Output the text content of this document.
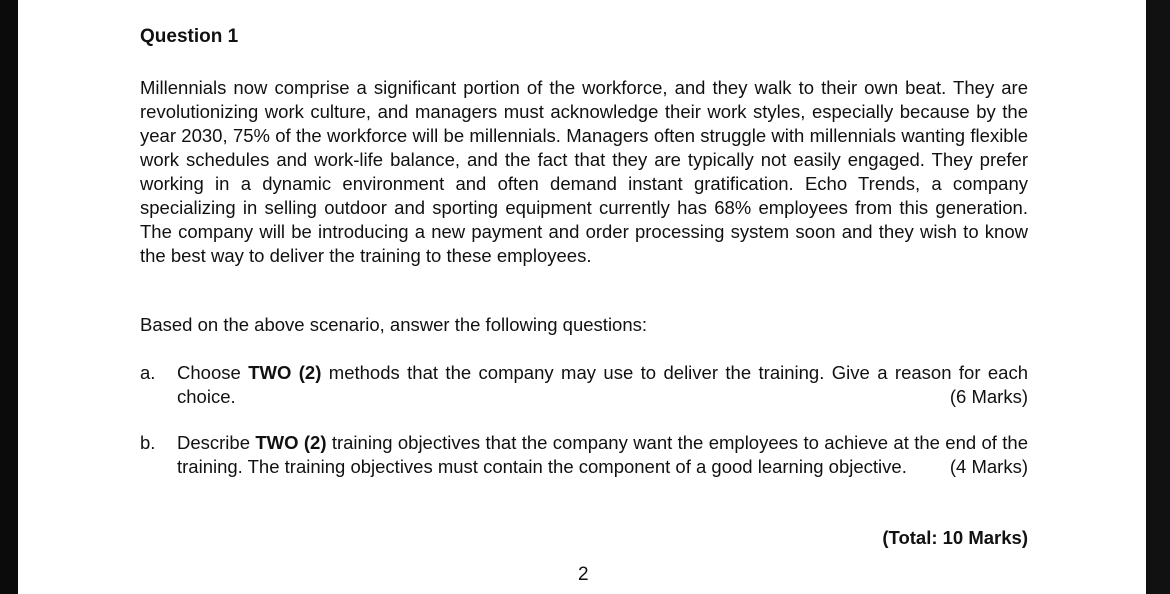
Question 1

Millennials now comprise a significant portion of the workforce, and they walk to their own beat. They are revolutionizing work culture, and managers must acknowledge their work styles, especially because by the year 2030, 75% of the workforce will be millennials. Managers often struggle with millennials wanting flexible work schedules and work-life balance, and the fact that they are typically not easily engaged. They prefer working in a dynamic environment and often demand instant gratification. Echo Trends, a company specializing in selling outdoor and sporting equipment currently has 68% employees from this generation. The company will be introducing a new payment and order processing system soon and they wish to know the best way to deliver the training to these employees.

Based on the above scenario, answer the following questions:

a. Choose TWO (2) methods that the company may use to deliver the training. Give a reason for each choice.	(6 Marks)
b. Describe TWO (2) training objectives that the company want the employees to achieve at the end of the training. The training objectives must contain the component of a good learning objective. (4 Marks)
(Total: 10 Marks)
2
